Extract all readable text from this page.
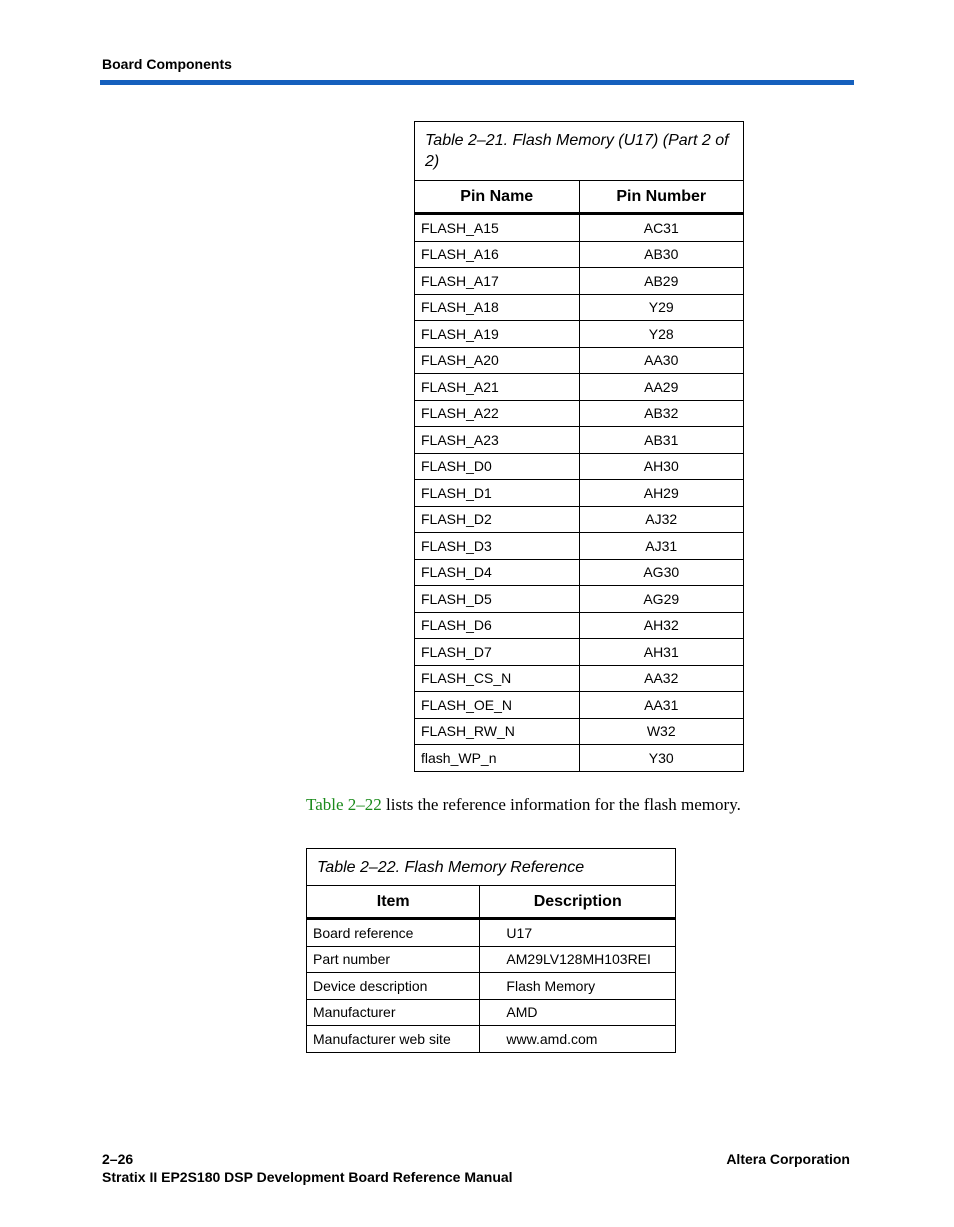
Board Components
Table 2–21. Flash Memory (U17) (Part 2 of 2)	
Pin Name	Pin Number
FLASH_A15	AC31
FLASH_A16	AB30
FLASH_A17	AB29
FLASH_A18	Y29
FLASH_A19	Y28
FLASH_A20	AA30
FLASH_A21	AA29
FLASH_A22	AB32
FLASH_A23	AB31
FLASH_D0	AH30
FLASH_D1	AH29
FLASH_D2	AJ32
FLASH_D3	AJ31
FLASH_D4	AG30
FLASH_D5	AG29
FLASH_D6	AH32
FLASH_D7	AH31
FLASH_CS_N	AA32
FLASH_OE_N	AA31
FLASH_RW_N	W32
flash_WP_n	Y30
Table 2–22 lists the reference information for the flash memory.
Table 2–22. Flash Memory Reference	
Item	Description
Board reference	U17
Part number	AM29LV128MH103REI
Device description	Flash Memory
Manufacturer	AMD
Manufacturer web site	www.amd.com
2–26
Stratix II EP2S180 DSP Development Board Reference Manual
Altera Corporation
